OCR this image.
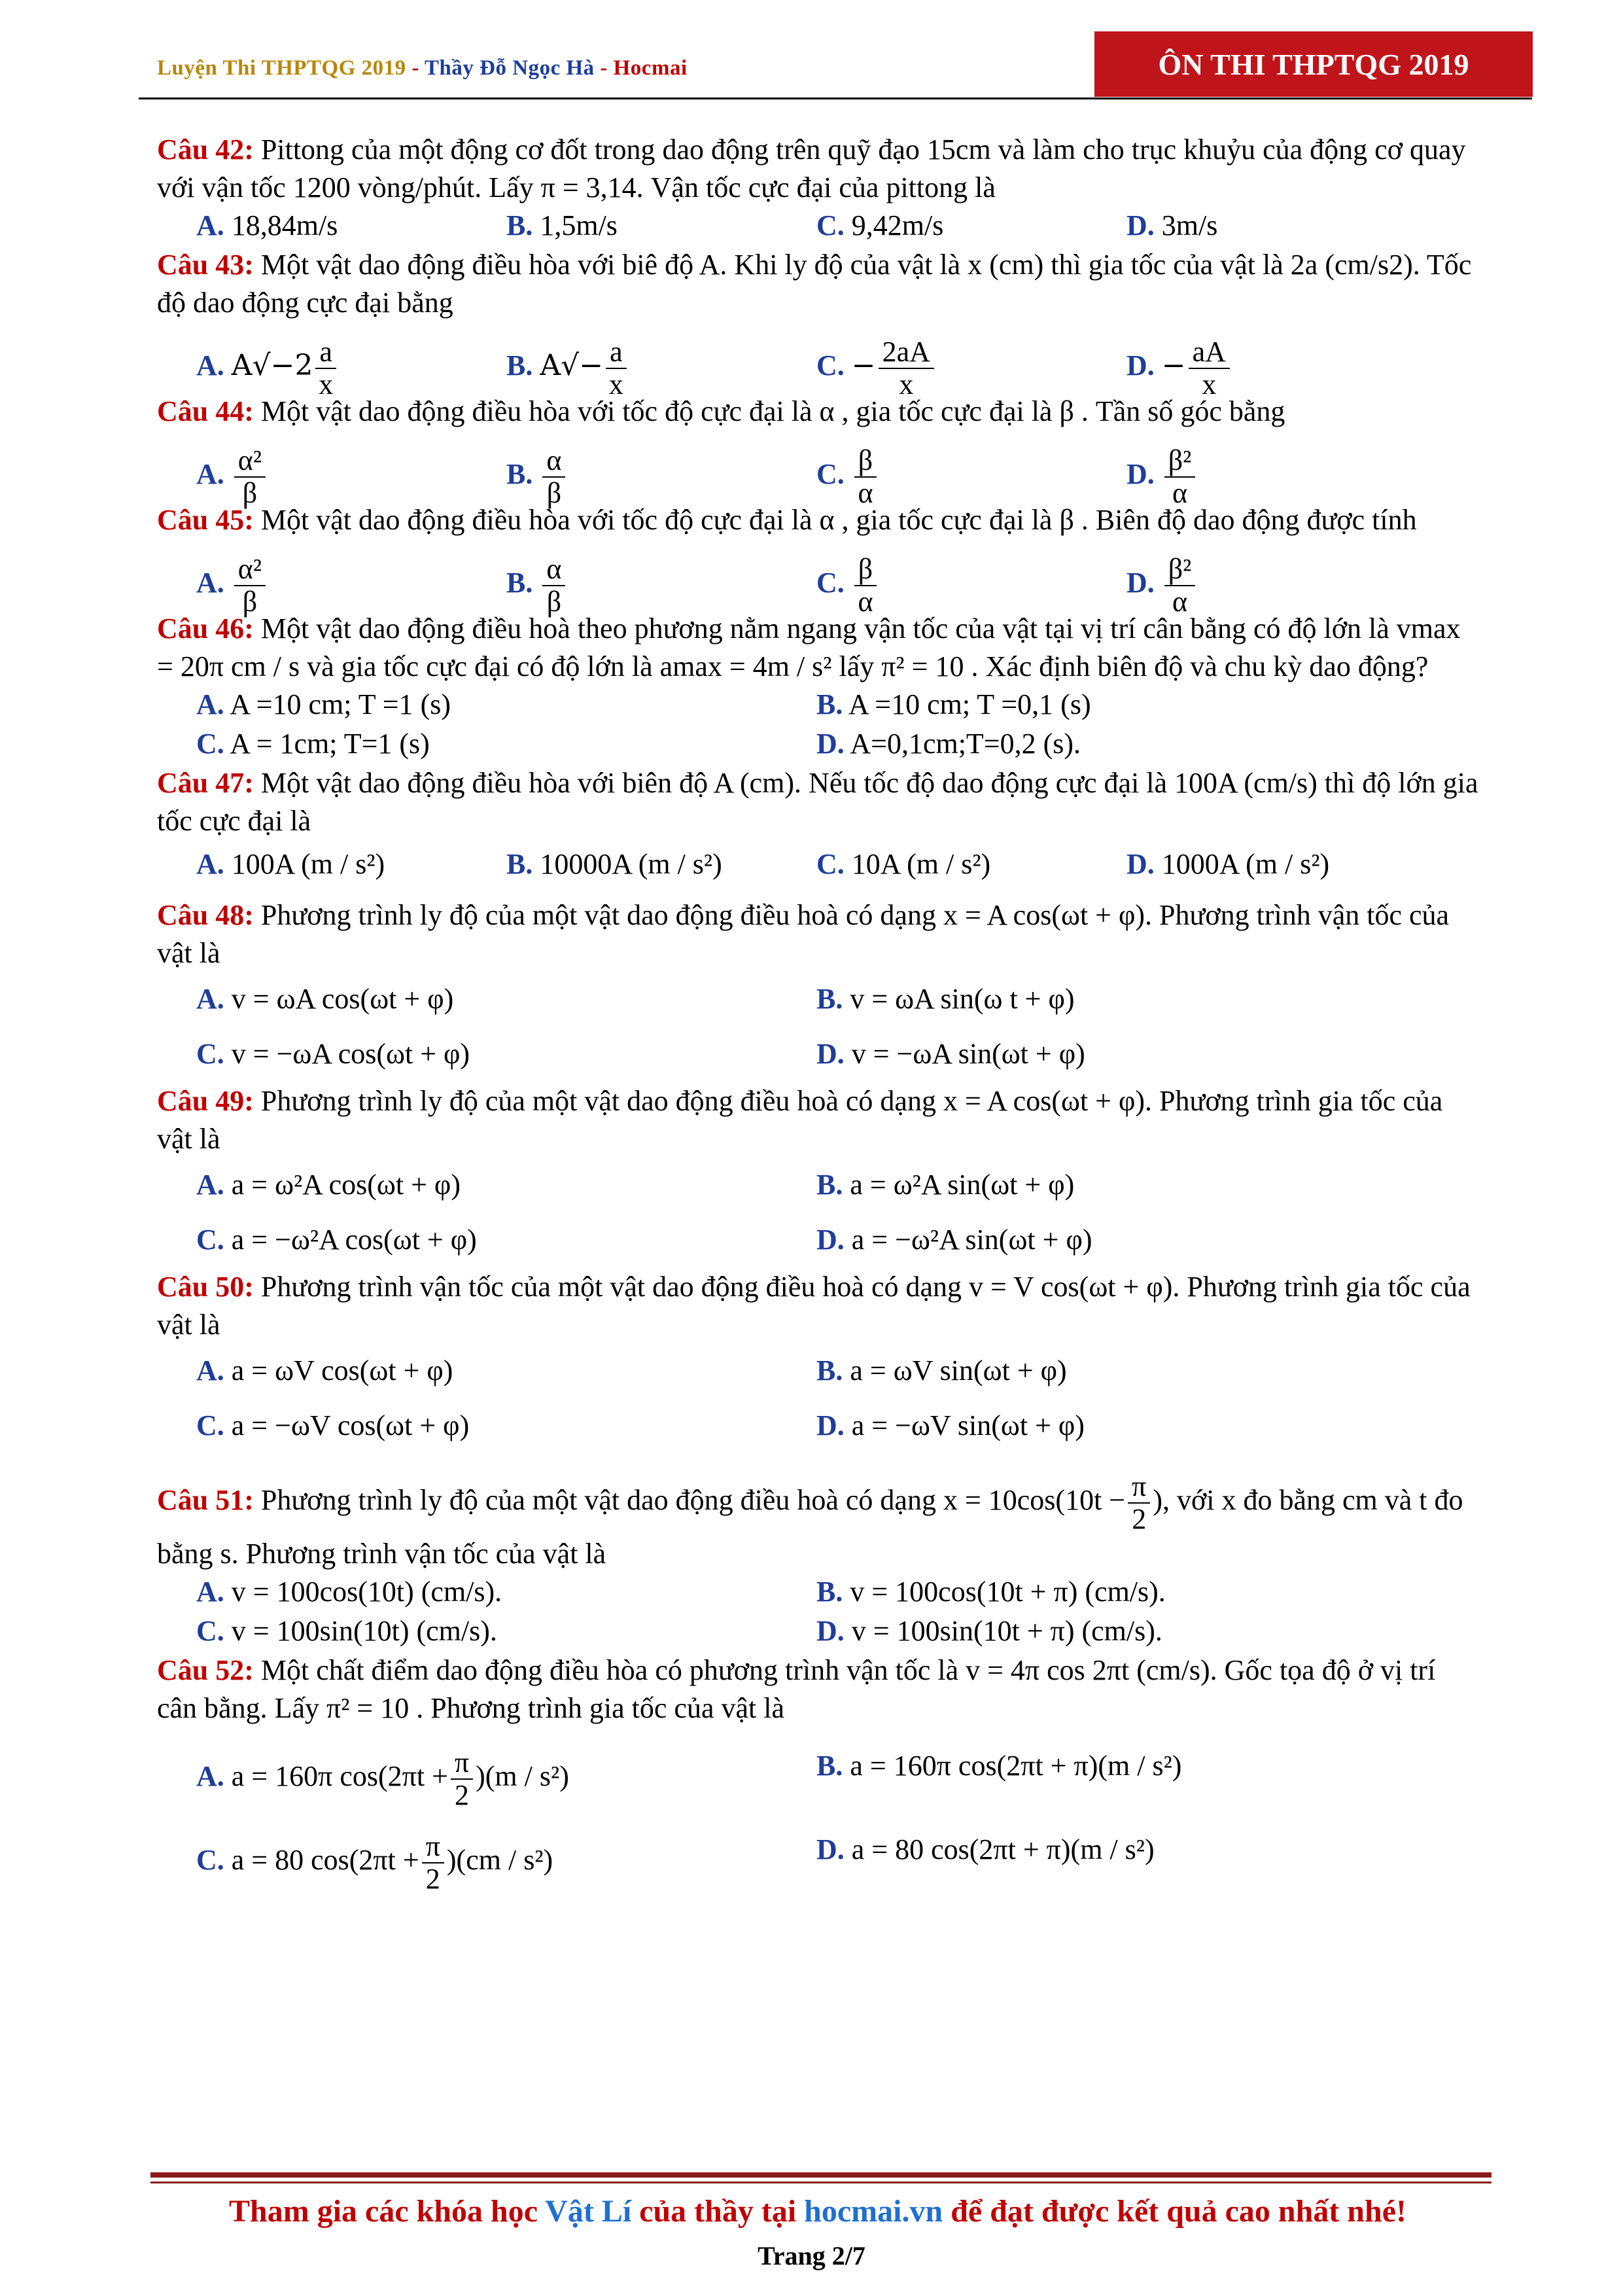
Luyện Thi THPTQG 2019 - Thầy Đỗ Ngọc Hà - Hocmai	ÔN THI THPTQG 2019

Câu 42: Pittong của một động cơ đốt trong dao động trên quỹ đạo 15cm và làm cho trục khuỷu của động cơ quay với vận tốc 1200 vòng/phút. Lấy π = 3,14. Vận tốc cực đại của pittong là

A. 18,84m/s	B. 1,5m/s	C. 9,42m/s	D. 3m/s

Câu 43: Một vật dao động điều hòa với biê độ A. Khi ly độ của vật là x (cm) thì gia tốc của vật là 2a (cm/s2). Tốc độ dao động cực đại bằng

A. $A√-2 \frac{a}{x}$	B. $A√- \frac{a}{x}$	C. − $\frac{2aA}{x}$	D. − $\frac{aA}{x}$

Câu 44: Một vật dao động điều hòa với tốc độ cực đại là α , gia tốc cực đại là β . Tần số góc bằng

A. $\frac{\text{α²}}{\beta}$	B. $\frac{\alpha}{\beta}$	C. $\frac{\beta}{\alpha}$	D. $\frac{\text{β²}}{\alpha}$

Câu 45: Một vật dao động điều hòa với tốc độ cực đại là α , gia tốc cực đại là β . Biên độ dao động được tính

A. $\frac{\text{α²}}{\beta}$	B. $\frac{\alpha}{\beta}$	C. $\frac{\beta}{\alpha}$	D. $\frac{\text{β²}}{\alpha}$

Câu 46: Một vật dao động điều hoà theo phương nằm ngang vận tốc của vật tại vị trí cân bằng có độ lớn là vmax = 20π cm / s và gia tốc cực đại có độ lớn là amax = 4m / s² lấy π² = 10 . Xác định biên độ và chu kỳ dao động?

A. A =10 cm; T =1 (s)	B. A =10 cm; T =0,1 (s)
C. A = 1cm; T=1 (s)	D. A=0,1cm;T=0,2 (s).

Câu 47: Một vật dao động điều hòa với biên độ A (cm). Nếu tốc độ dao động cực đại là 100A (cm/s) thì độ lớn gia tốc cực đại là

A. 100A (m / s²)	B. 10000A (m / s²)	C. 10A (m / s²)	D. 1000A (m / s²)

Câu 48: Phương trình ly độ của một vật dao động điều hoà có dạng x = A cos(ωt + φ). Phương trình vận tốc của vật là

A. v = ωA cos(ωt + φ)	B. v = ωA sin(ω t + φ)
C. v = −ωA cos(ωt + φ)	D. v = −ωA sin(ωt + φ)

Câu 49: Phương trình ly độ của một vật dao động điều hoà có dạng x = A cos(ωt + φ). Phương trình gia tốc của vật là

A. a = ω²A cos(ωt + φ)	B. a = ω²A sin(ωt + φ)
C. a = −ω²A cos(ωt + φ)	D. a = −ω²A sin(ωt + φ)

Câu 50: Phương trình vận tốc của một vật dao động điều hoà có dạng v = V cos(ωt + φ). Phương trình gia tốc của vật là

A. a = ωV cos(ωt + φ)	B. a = ωV sin(ωt + φ)
C. a = −ωV cos(ωt + φ)	D. a = −ωV sin(ωt + φ)

Câu 51: Phương trình ly độ của một vật dao động điều hoà có dạng $x = 10\cos(10t - \frac{\pi}{2}$ ), với x đo bằng cm và t đo bằng s. Phương trình vận tốc của vật là

A. v = 100cos(10t) (cm/s).	B. v = 100cos(10t + π) (cm/s).
C. v = 100sin(10t) (cm/s).	D. v = 100sin(10t + π) (cm/s).

Câu 52: Một chất điểm dao động điều hòa có phương trình vận tốc là v = 4π cos 2πt (cm/s). Gốc tọa độ ở vị trí cân bằng. Lấy π² = 10 . Phương trình gia tốc của vật là

A. a = 160π $\cos(2\pi t + \frac{\pi}{2} )(m / s^2)$	B. a = 160π cos(2πt + π)(m / s²)
C. a = 80 $\cos(2\pi t + \frac{\pi}{2} )(cm / s^2)$	D. a = 80 cos(2πt + π)(m / s²)
Tham gia các khóa học Vật Lí của thầy tại hocmai.vn để đạt được kết quả cao nhất nhé!
Trang 2/7
